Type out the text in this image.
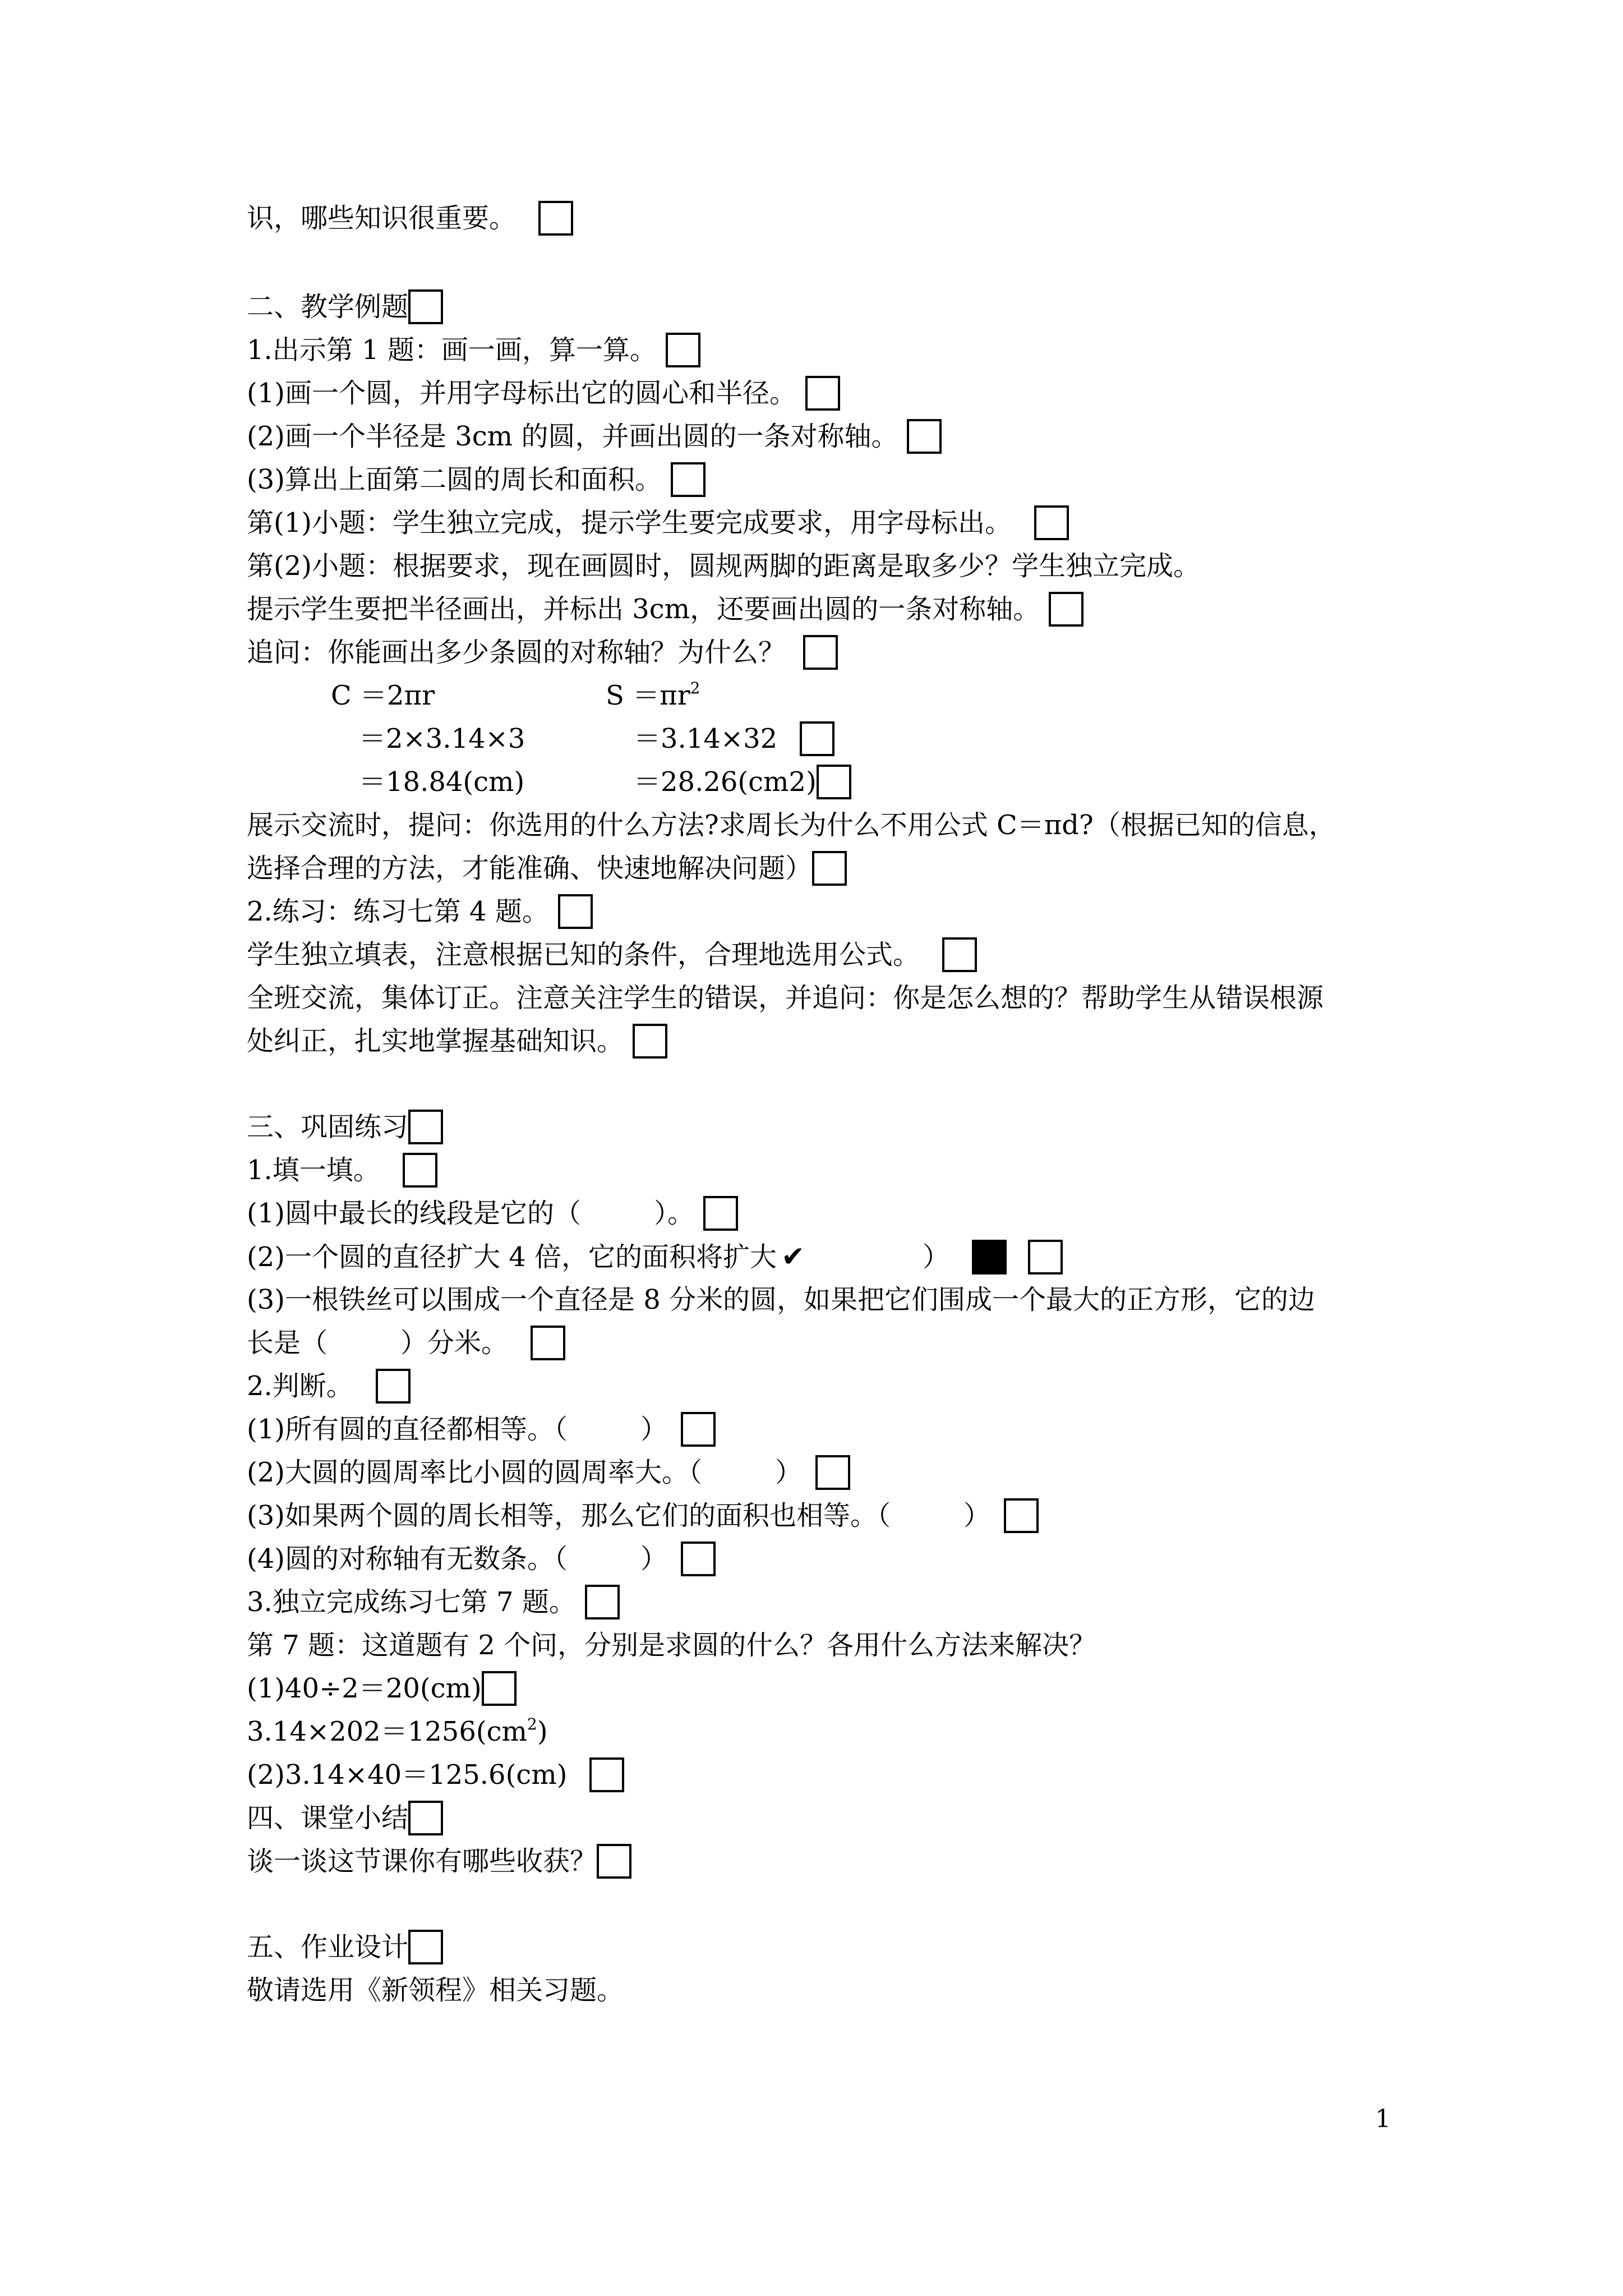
识，哪些知识很重要。
二、教学例题
1.出示第 1 题：画一画，算一算。
(1)画一个圆，并用字母标出它的圆心和半径。
(2)画一个半径是 3cm 的圆，并画出圆的一条对称轴。
(3)算出上面第二圆的周长和面积。
第(1)小题：学生独立完成，提示学生要完成要求，用字母标出。
第(2)小题：根据要求，现在画圆时，圆规两脚的距离是取多少？学生独立完成。
提示学生要把半径画出，并标出 3cm，还要画出圆的一条对称轴。
追问：你能画出多少条圆的对称轴？为什么？
C ＝2πr	$S =\pi r^2$
＝2×3.14×3	＝3.14×32
＝18.84(cm)	＝28.26(cm2)
展示交流时，提问：你选用的什么方法?求周长为什么不用公式 C＝πd?（根据已知的信息，
选择合理的方法，才能准确、快速地解决问题）
2.练习：练习七第 4 题。
学生独立填表，注意根据已知的条件，合理地选用公式。
全班交流，集体订正。注意关注学生的错误，并追问：你是怎么想的？帮助学生从错误根源
处纠正，扎实地掌握基础知识。
三、巩固练习
1.填一填。
(1)圆中最长的线段是它的（	）。
(2)一个圆的直径扩大 4 倍，它的面积将扩大 ✔	）
(3)一根铁丝可以围成一个直径是 8 分米的圆，如果把它们围成一个最大的正方形，它的边
长是（	）分米。
2.判断。
(1)所有圆的直径都相等。（	）
(2)大圆的圆周率比小圆的圆周率大。（	）
(3)如果两个圆的周长相等，那么它们的面积也相等。（	）
(4)圆的对称轴有无数条。（	）
3.独立完成练习七第 7 题。
第 7 题：这道题有 2 个问，分别是求圆的什么？各用什么方法来解决？
(1)40÷2＝20(cm)
$3.14\times 202=1256(cm^2)$
(2)3.14×40＝125.6(cm)
四、课堂小结
谈一谈这节课你有哪些收获？
五、作业设计
敬请选用《新领程》相关习题。
1
